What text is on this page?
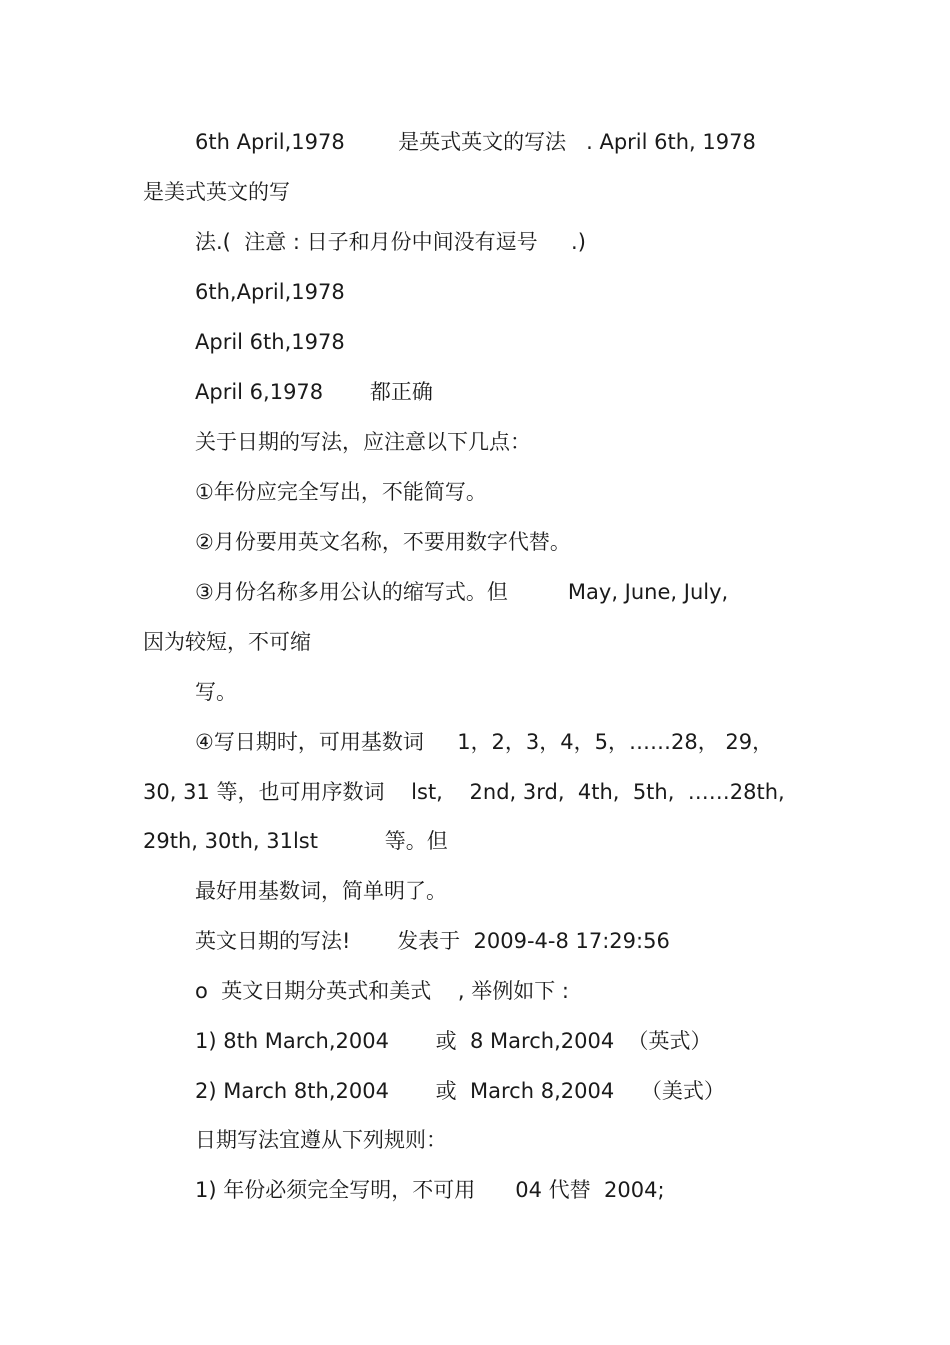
6th April,1978        是英式英文的写法   . April 6th, 1978

是美式英文的写

法.(  注意 : 日子和月份中间没有逗号     .)

6th,April,1978

April 6th,1978

April 6,1978       都正确

关于日期的写法，应注意以下几点：

①年份应完全写出，不能简写。

②月份要用英文名称，不要用数字代替。

③月份名称多用公认的缩写式。但         May, June, July,

因为较短，不可缩

写。

④写日期时，可用基数词     1，2，3，4，5，……28， 29，

30, 31 等，也可用序数词    lst,    2nd, 3rd,  4th,  5th,  ……28th,

29th, 30th, 31lst          等。但

最好用基数词，简单明了。

英文日期的写法!       发表于  2009-4-8 17:29:56

o  英文日期分英式和美式    , 举例如下 :

1) 8th March,2004       或  8 March,2004  （英式）

2) March 8th,2004       或  March 8,2004    （美式）

日期写法宜遵从下列规则：

1) 年份必须完全写明，不可用      04 代替  2004;
